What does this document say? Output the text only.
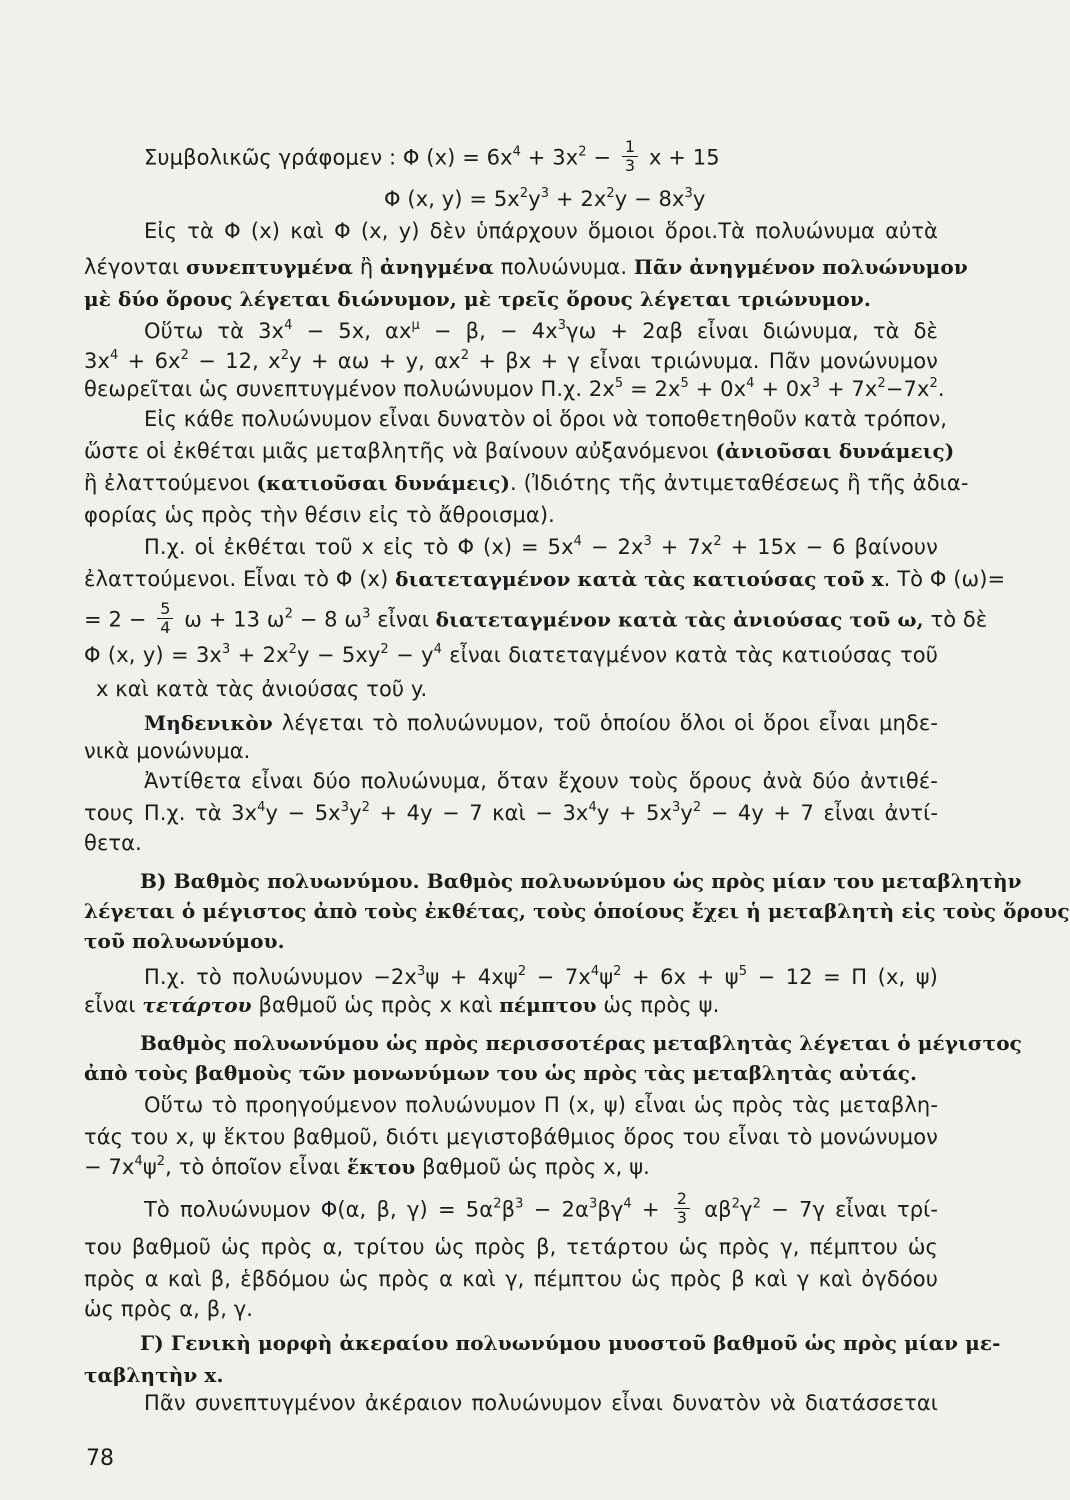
Συμβολικῶς γράφομεν : Φ $(x) = 6x^4 + 3x^2 - \frac{1}{3}$ x + 15
Φ (x, $y) = 5x^2y^3 + 2x^2y - 8x^3y$
Εἰς τὰ Φ (x) καὶ Φ (x, y) δὲν ὑπάρχουν ὅμοιοι ὅροι.Τὰ πολυώνυμα αὐτὰ
λέγονται συνεπτυγμένα ἢ ἀνηγμένα πολυώνυμα. Πᾶν ἀνηγμένον πολυώνυμον
μὲ δύο ὅρους λέγεται διώνυμον, μὲ τρεῖς ὅρους λέγεται τριώνυμον.
Οὕτω τὰ $3x^4 - 5x$, $\alpha x^\mu - \beta$, − $4x^3\gamma\omega + 2\alpha\beta$ εἶναι διώνυμα, τὰ δὲ
$3x^4 + 6x^2 - 12$, $x^2y + \alpha\omega + y$, $\alpha x^2 + \beta x + \gamma$ εἶναι τριώνυμα. Πᾶν μονώνυμον
θεωρεῖται ὡς συνεπτυγμένον πολυώνυμον Π.χ. $2x^5 = 2x^5 + 0x^4 + 0x^3 + 7x^2-7x^2$.
Εἰς κάθε πολυώνυμον εἶναι δυνατὸν οἱ ὅροι νὰ τοποθετηθοῦν κατὰ τρόπον,
ὥστε οἱ ἐκθέται μιᾶς μεταβλητῆς νὰ βαίνουν αὐξανόμενοι (ἀνιοῦσαι δυνάμεις)
ἢ ἐλαττούμενοι (κατιοῦσαι δυνάμεις). (Ἰδιότης τῆς ἀντιμεταθέσεως ἢ τῆς ἀδια-
φορίας ὡς πρὸς τὴν θέσιν εἰς τὸ ἄθροισμα).
Π.χ. οἱ ἐκθέται τοῦ x εἰς τὸ Φ $(x) = 5x^4 - 2x^3 + 7x^2 + 15x - 6$ βαίνουν
ἐλαττούμενοι. Εἶναι τὸ Φ (x) διατεταγμένον κατὰ τὰς κατιούσας τοῦ x. Τὸ Φ (ω)=
= $2 - \frac{5}{4}$ ω + 13 $\omega^2 - 8$ $\omega^3$ εἶναι διατεταγμένον κατὰ τὰς ἀνιούσας τοῦ ω, τὸ δὲ
Φ (x, $y) = 3x^3 + 2x^2y - 5xy^2 - y^4$ εἶναι διατεταγμένον κατὰ τὰς κατιούσας τοῦ
x καὶ κατὰ τὰς ἀνιούσας τοῦ y.
Μηδενικὸν λέγεται τὸ πολυώνυμον, τοῦ ὁποίου ὅλοι οἱ ὅροι εἶναι μηδε-
νικὰ μονώνυμα.
Ἀντίθετα εἶναι δύο πολυώνυμα, ὅταν ἔχουν τοὺς ὅρους ἀνὰ δύο ἀντιθέ-
τους Π.χ. τὰ $3x^4y - 5x^3y^2 + 4y - 7$ καὶ − $3x^4y + 5x^3y^2 - 4y + 7$ εἶναι ἀντί-
θετα.
Β) Βαθμὸς πολυωνύμου. Βαθμὸς πολυωνύμου ὡς πρὸς μίαν του μεταβλητὴν
λέγεται ὁ μέγιστος ἀπὸ τοὺς ἐκθέτας, τοὺς ὁποίους ἔχει ἡ μεταβλητὴ εἰς τοὺς ὅρους
τοῦ πολυωνύμου.
Π.χ. τὸ $\pi o\lambda\upsilon ώ\nu\upsilon\mu o\nu -2x^3\psi + 4x\psi^2 - 7x^4\psi^2 + 6x + \psi^5 - 12 = \Pi$ (x, ψ)
εἶναι τετάρτου βαθμοῦ ὡς πρὸς x καὶ πέμπτου ὡς πρὸς ψ.
Βαθμὸς πολυωνύμου ὡς πρὸς περισσοτέρας μεταβλητὰς λέγεται ὁ μέγιστος
ἀπὸ τοὺς βαθμοὺς τῶν μονωνύμων του ὡς πρὸς τὰς μεταβλητὰς αὐτάς.
Οὕτω τὸ προηγούμενον πολυώνυμον Π (x, ψ) εἶναι ὡς πρὸς τὰς μεταβλη-
τάς του x, ψ ἕκτου βαθμοῦ, διότι μεγιστοβάθμιος ὅρος του εἶναι τὸ μονώνυμον
− $7x^4\psi^2$, τὸ ὁποῖον εἶναι ἕκτου βαθμοῦ ὡς πρὸς x, ψ.
Τὸ πολυώνυμον Φ(α, β, $\gamma) = 5\alpha^2\beta^3 - 2\alpha^3\beta\gamma^4 + \frac{2}{3} \alpha\beta^2\gamma^2 - 7\gamma$ εἶναι τρί-
του βαθμοῦ ὡς πρὸς α, τρίτου ὡς πρὸς β, τετάρτου ὡς πρὸς γ, πέμπτου ὡς
πρὸς α καὶ β, ἑβδόμου ὡς πρὸς α καὶ γ, πέμπτου ὡς πρὸς β καὶ γ καὶ ὀγδόου
ὡς πρὸς α, β, γ.
Γ) Γενικὴ μορφὴ ἀκεραίου πολυωνύμου μυοστοῦ βαθμοῦ ὡς πρὸς μίαν με-
ταβλητὴν x.
Πᾶν συνεπτυγμένον ἀκέραιον πολυώνυμον εἶναι δυνατὸν νὰ διατάσσεται
78
